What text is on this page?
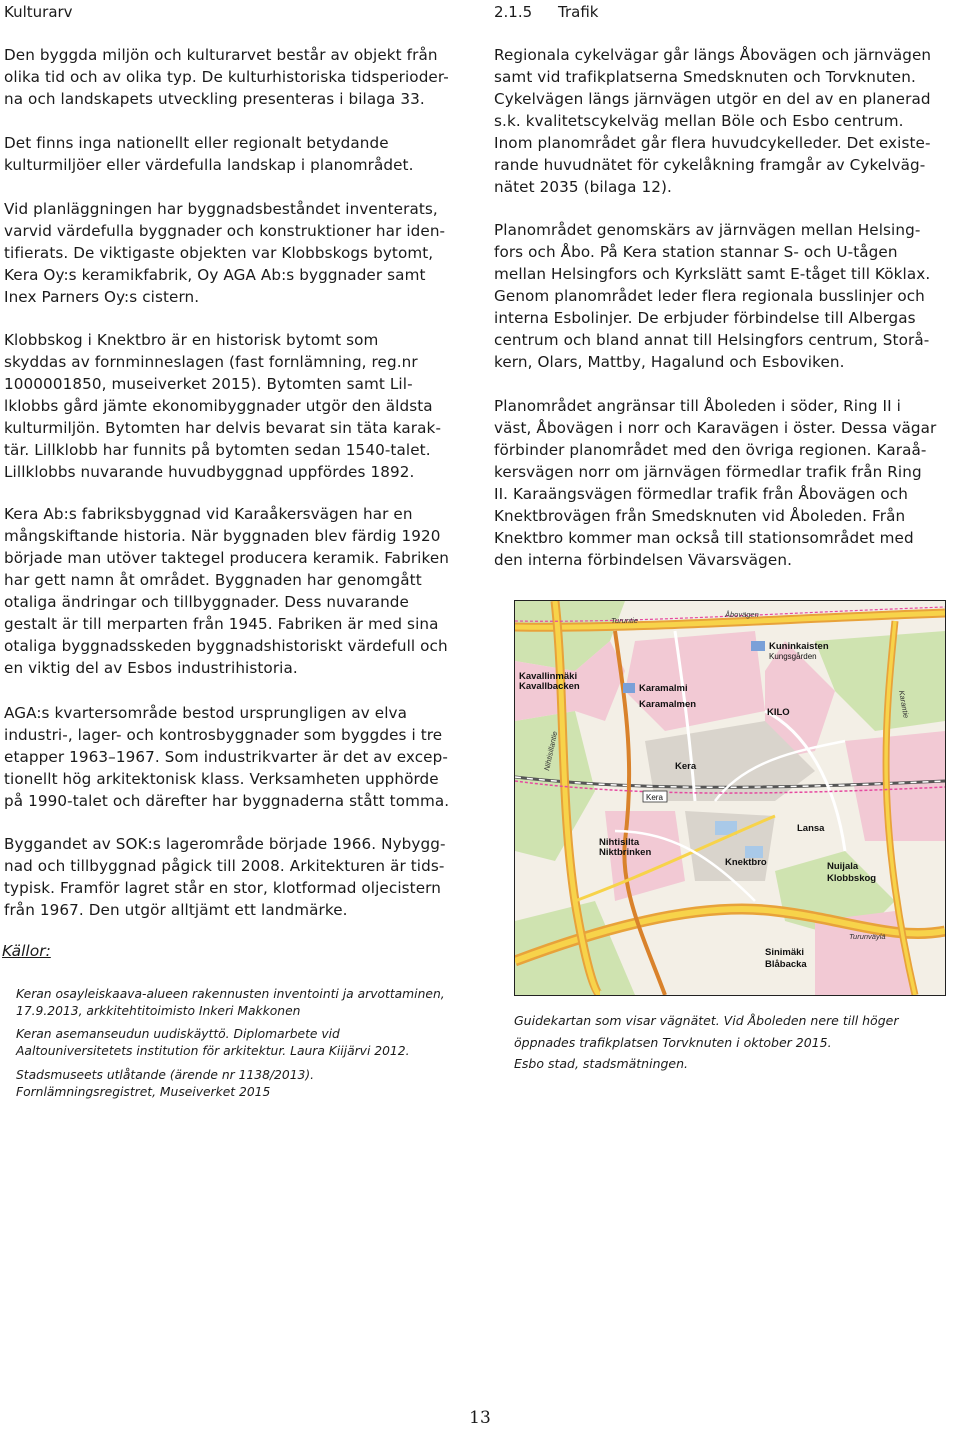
Kulturarv

Den byggda miljön och kulturarvet består av objekt från
olika tid och av olika typ. De kulturhistoriska tidsperioder-
na och landskapets utveckling presenteras i bilaga 33.

Det finns inga nationellt eller regionalt betydande
kulturmiljöer eller värdefulla landskap i planområdet.

Vid planläggningen har byggnadsbeståndet inventerats,
varvid värdefulla byggnader och konstruktioner har iden-
tifierats. De viktigaste objekten var Klobbskogs bytomt,
Kera Oy:s keramikfabrik, Oy AGA Ab:s byggnader samt
Inex Parners Oy:s cistern.

Klobbskog i Knektbro är en historisk bytomt som
skyddas av fornminneslagen (fast fornlämning, reg.nr
1000001850, museiverket 2015). Bytomten samt Lil-
lklobbs gård jämte ekonomibyggnader utgör den äldsta
kulturmiljön. Bytomten har delvis bevarat sin täta karak-
tär. Lillklobb har funnits på bytomten sedan 1540-talet.
Lillklobbs nuvarande huvudbyggnad uppfördes 1892.

Kera Ab:s fabriksbyggnad vid Karaåkersvägen har en
mångskiftande historia. När byggnaden blev färdig 1920
började man utöver taktegel producera keramik. Fabriken
har gett namn åt området. Byggnaden har genomgått
otaliga ändringar och tillbyggnader. Dess nuvarande
gestalt är till merparten från 1945. Fabriken är med sina
otaliga byggnadsskeden byggnadshistoriskt värdefull och
en viktig del av Esbos industrihistoria.

AGA:s kvartersområde bestod ursprungligen av elva
industri-, lager- och kontrosbyggnader som byggdes i tre
etapper 1963–1967. Som industrikvarter är det av excep-
tionellt hög arkitektonisk klass. Verksamheten upphörde
på 1990-talet och därefter har byggnaderna stått tomma.

Byggandet av SOK:s lagerområde började 1966. Nybygg-
nad och tillbyggnad pågick till 2008. Arkitekturen är tids-
typisk. Framför lagret står en stor, klotformad oljecistern
från 1967. Den utgör alltjämt ett landmärke.

Källor:

Keran osayleiskaava-alueen rakennusten inventointi ja arvottaminen,
17.9.2013, arkkitehtitoimisto Inkeri Makkonen

Keran asemanseudun uudiskäyttö. Diplomarbete vid
Aaltouniversitetets institution för arkitektur. Laura Kiijärvi 2012.

Stadsmuseets utlåtande (ärende nr 1138/2013).
Fornlämningsregistret, Museiverket 2015

2.1.5 Trafik

Regionala cykelvägar går längs Åbovägen och järnvägen
samt vid trafikplatserna Smedsknuten och Torvknuten.
Cykelvägen längs järnvägen utgör en del av en planerad
s.k. kvalitetscykelväg mellan Böle och Esbo centrum.
Inom planområdet går flera huvudcykelleder. Det existe-
rande huvudnätet för cykelåkning framgår av Cykelväg-
nätet 2035 (bilaga 12).

Planområdet genomskärs av järnvägen mellan Helsing-
fors och Åbo. På Kera station stannar S- och U-tågen
mellan Helsingfors och Kyrkslätt samt E-tåget till Köklax.
Genom planområdet leder flera regionala busslinjer och
interna Esbolinjer. De erbjuder förbindelse till Albergas
centrum och bland annat till Helsingfors centrum, Storå-
kern, Olars, Mattby, Hagalund och Esboviken.

Planområdet angränsar till Åboleden i söder, Ring II i
väst, Åbovägen i norr och Karavägen i öster. Dessa vägar
förbinder planområdet med den övriga regionen. Karaå-
kersvägen norr om järnvägen förmedlar trafik från Ring
II. Karaängsvägen förmedlar trafik från Åbovägen och
Knektbrovägen från Smedsknuten vid Åboleden. Från
Knektbro kommer man också till stationsområdet med
den interna förbindelsen Vävarsvägen.

Guidekartan som visar vägnätet. Vid Åboleden nere till höger
öppnades trafikplatsen Torvknuten i oktober 2015.
Esbo stad, stadsmätningen.

Turuntie
Åbovägen
Kuninkaisten
Kungsgården
Kavallinmäki
Kavallbacken	Karamalmi
Karamalmen
KILO
Kera
Kera
Lansa
Nihtisilta
Niktbrinken
Knektbro	Nuijala
Klobbskog
Sinimäki
Blåbacka
Turunväylä
Karantie
Nihtisillantie
13
